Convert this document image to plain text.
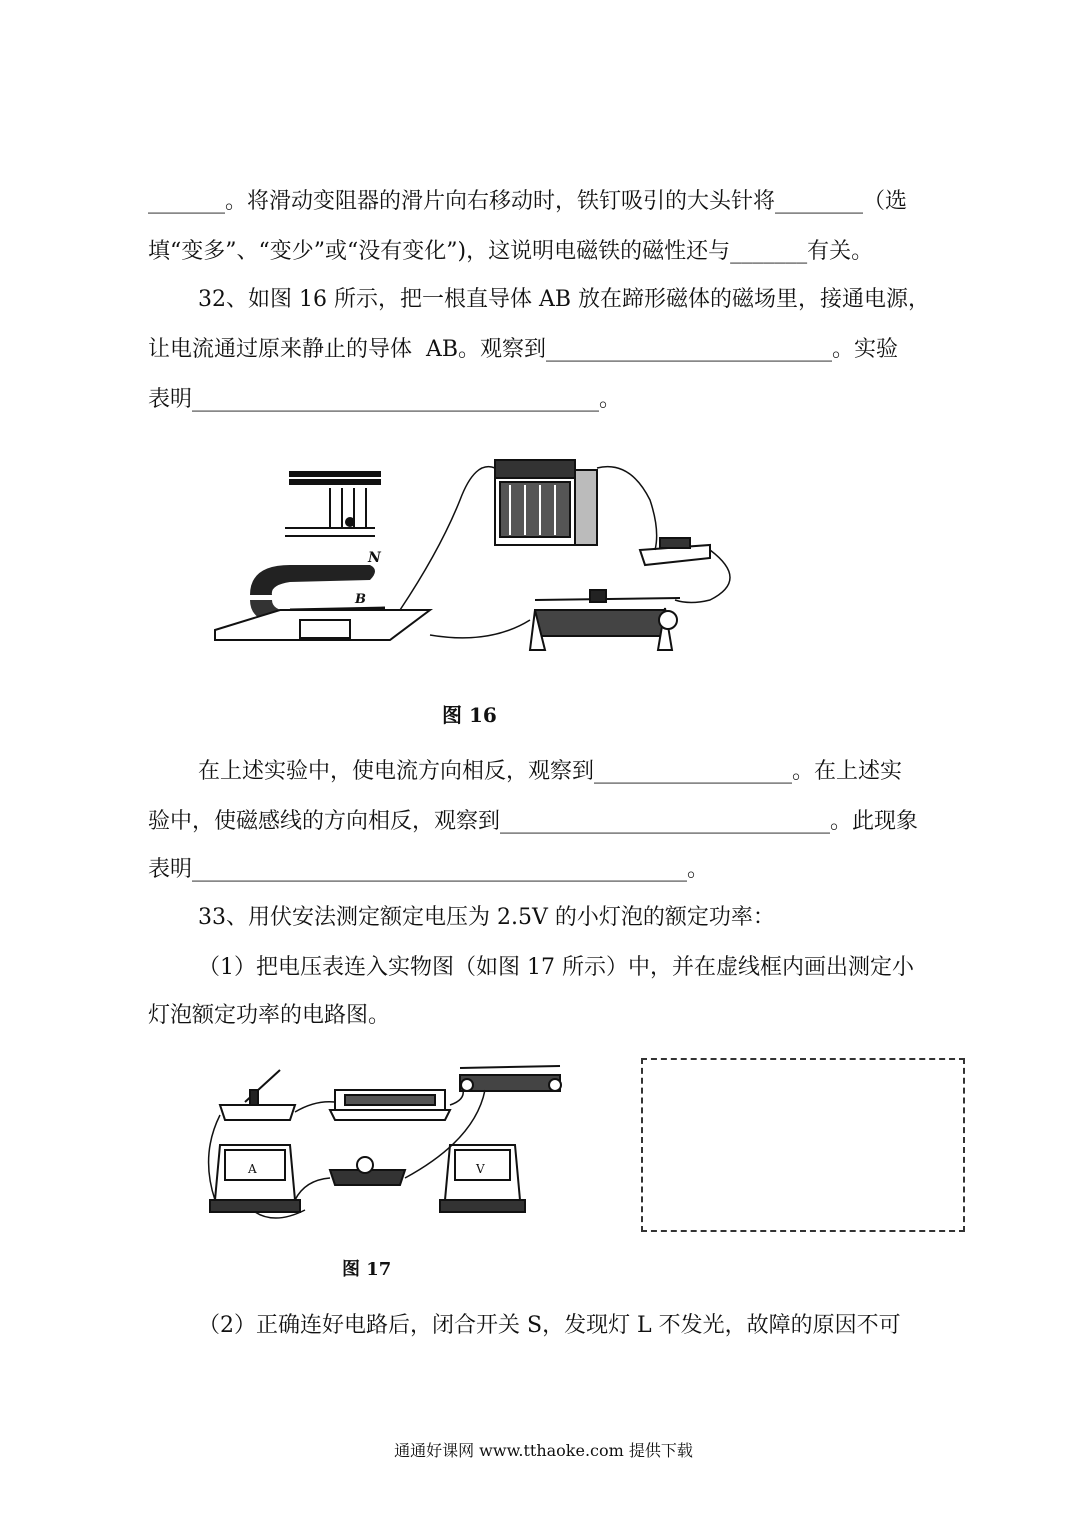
_______。将滑动变阻器的滑片向右移动时，铁钉吸引的大头针将________（选
填“变多”、“变少”或“没有变化”)，这说明电磁铁的磁性还与_______有关。
32、如图 16 所示，把一根直导体 AB 放在蹄形磁体的磁场里，接通电源，
让电流通过原来静止的导体  AB。观察到__________________________。实验
表明_____________________________________。
N
B
图 16
在上述实验中，使电流方向相反，观察到__________________。在上述实
验中，使磁感线的方向相反，观察到______________________________。此现象
表明_____________________________________________。
33、用伏安法测定额定电压为 2.5V 的小灯泡的额定功率：
（1）把电压表连入实物图（如图 17 所示）中，并在虚线框内画出测定小
灯泡额定功率的电路图。
A	V
图 17
（2）正确连好电路后，闭合开关 S，发现灯 L 不发光，故障的原因不可
通通好课网 www.tthaoke.com 提供下载
